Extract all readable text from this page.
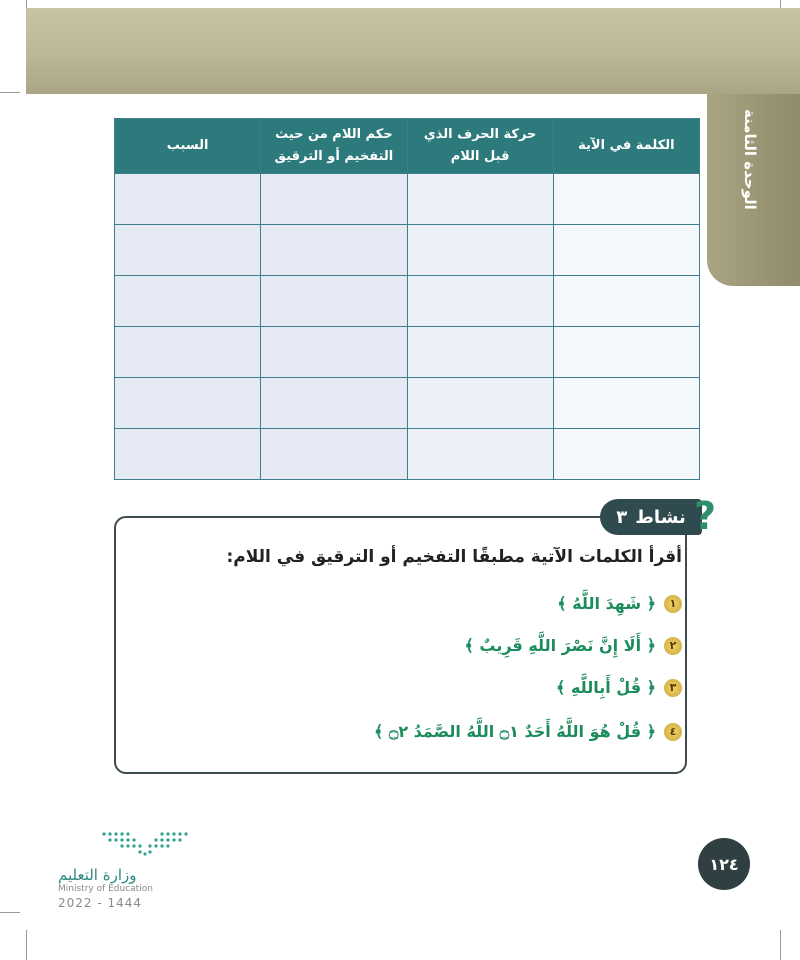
الوحدة الثامنة
الكلمة في الآية	حركة الحرف الذي قبل اللام	حكم اللام من حيث التفخيم أو الترقيق	السبب

نشاط
٣ ?
أقرأ الكلمات الآتية مطبقًا التفخيم أو الترقيق في اللام:
١
﴿ شَهِدَ اللَّهُ ﴾
٢
﴿ أَلَا إِنَّ نَصْرَ اللَّهِ قَرِيبٌ ﴾
٣
﴿ قُلْ أَبِاللَّهِ ﴾
٤
﴿ قُلْ هُوَ اللَّهُ أَحَدٌ ۝١ اللَّهُ الصَّمَدُ ۝٢ ﴾
وزارة التعليم
Ministry of Education
2022 - 1444
١٢٤
